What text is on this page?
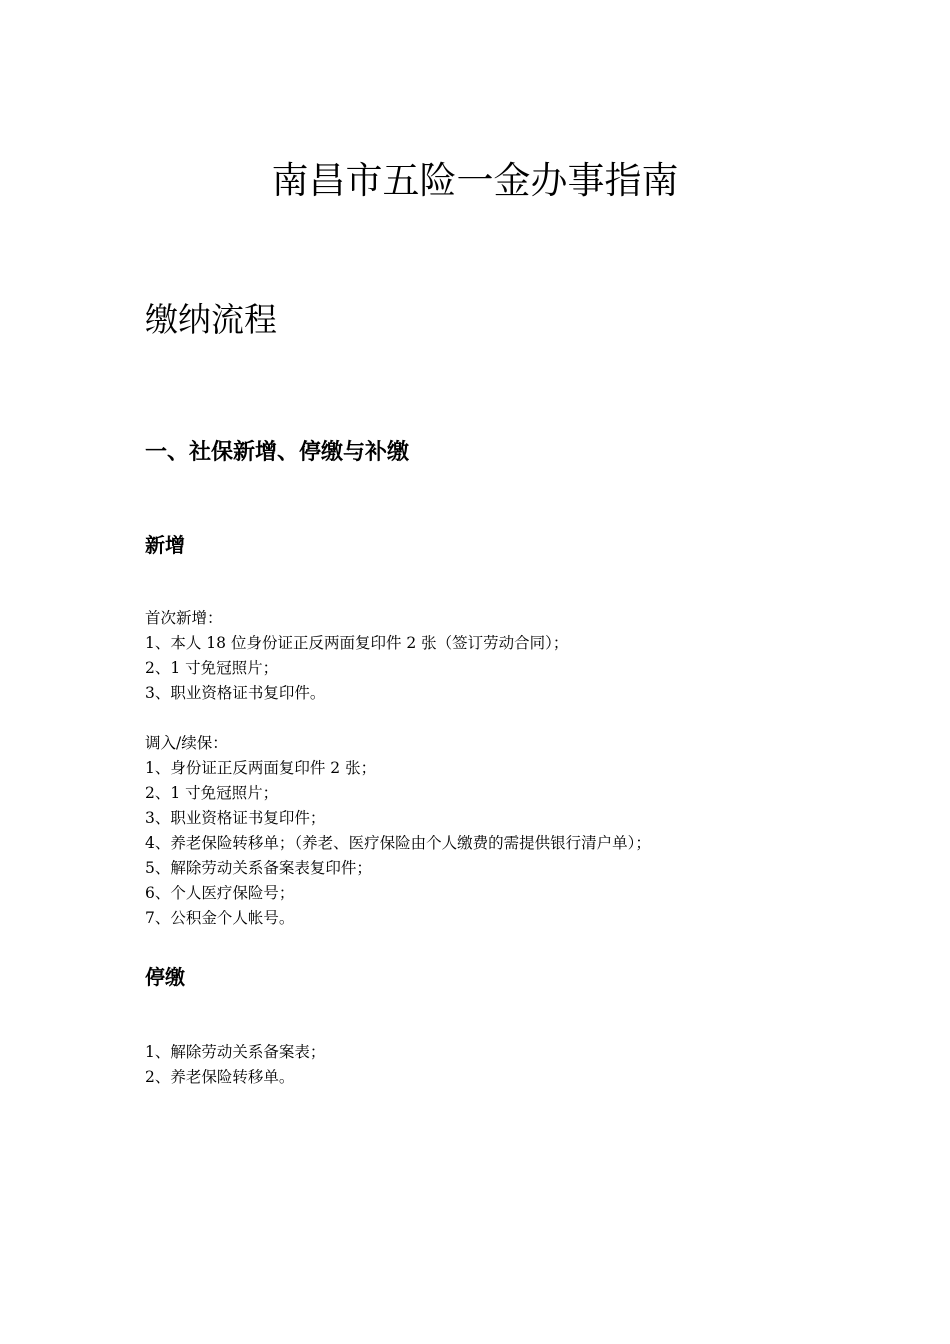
南昌市五险一金办事指南
缴纳流程
一、社保新增、停缴与补缴
新增
首次新增：
1、本人 18 位身份证正反两面复印件 2 张（签订劳动合同）；
2、1 寸免冠照片；
3、职业资格证书复印件。
调入/续保：
1、身份证正反两面复印件 2 张；
2、1 寸免冠照片；
3、职业资格证书复印件；
4、养老保险转移单；（养老、医疗保险由个人缴费的需提供银行清户单）；
5、解除劳动关系备案表复印件；
6、个人医疗保险号；
7、公积金个人帐号。
停缴
1、解除劳动关系备案表；
2、养老保险转移单。
